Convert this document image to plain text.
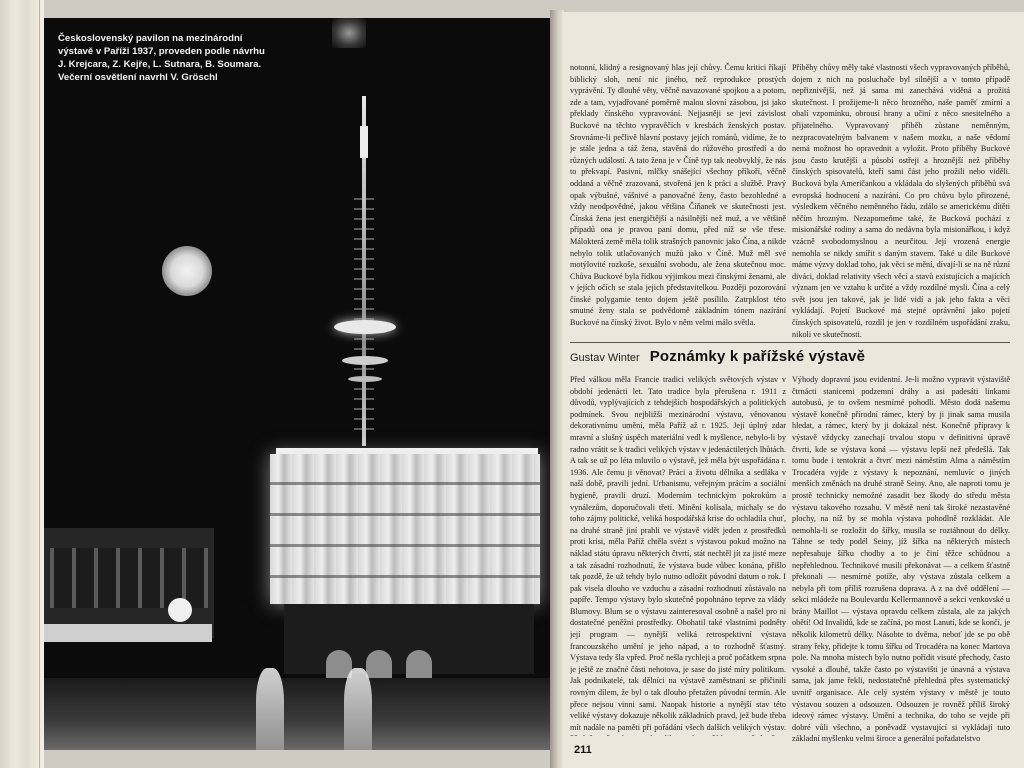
Československý pavilon na mezinárodní výstavě v Paříži 1937, proveden podle návrhu J. Krejcara, Z. Kejře, L. Sutnara, B. Soumara. Večerní osvětlení navrhl V. Gröschl

notonní, klidný a resignovaný hlas její chůvy. Čemu kritici říkají biblický sloh, není nic jiného, než reprodukce prostých vyprávění. Ty dlouhé věty, věčně navazované spojkou a a potom, zde a tam, vyjadřované poměrně malou slovní zásobou, jsi jako překlady čínského vypravování. Nejjasněji se jeví závislost Buckové na těchto vypravěčích v kresbách ženských postav. Srovnáme-li pečlivě hlavní postavy jejích románů, vidíme, že to je stále jedna a táž žena, stavěná do růžového prostředí a do různých událostí. A tato žena je v Číně typ tak neobvyklý, že nás to překvapí. Pasivní, mlčky snášející všechny příkoří, věčně oddaná a věčně zrazovaná, stvořená jen k práci a službě. Pravý opak výbušné, vášnivé a panovačné ženy, často bezohledné a vždy neodpovědné, jakou většina Číňanek ve skutečnosti jest. Čínská žena jest energičtější a násilnější než muž, a ve většině případů ona je pravou paní domu, před níž se vše třese. Málokterá země měla tolik strašných panovnic jako Čína, a nikde nebylo tolik utlačovaných mužů jako v Číně. Muž měl své motýlovité rozkoše, sexuální svobodu, ale žena skutečnou moc. Chůva Buckové byla řídkou výjimkou mezi čínskými ženami, ale v jejích očích se stala jejich představitelkou. Později pozorování čínské polygamie tento dojem ještě posílilo. Zatrpklost této smutné ženy stala se podvědomě základním tónem nazírání Buckové na čínský život. Bylo v něm velmi málo světla.

Příběhy chůvy měly také vlastnosti všech vypravovaných příběhů, dojem z nich na posluchače byl silnější a v tomto případě nepřiznivější, než já sama mi zanechává viděná a prožitá skutečnost. I prožijeme-li něco hrozného, naše paměť zmírní a obalí vzpomínku, obrousí hrany a učiní z něco snesitelného a přijatelného. Vypravovaný příběh zůstane neměnným, nezpracovatelným balvanem v našem mozku, a naše vědomí nemá možnost ho opravednit a vyložit. Proto příběhy Buckové jsou často krutější a působí ostřeji a hroznější než příběhy čínských spisovatelů, kteří sami část jeho prožili nebo viděli. Bucková byla Američankou a vkládala do slyšených příběhů svá evropská hodnocení a nazírání. Co pro chůvu bylo přirozené, výsledkem věčného neměnného řádu, zdálo se americkému dítěti něčím hrozným. Nezapomeňme také, že Bucková pochází z misionářské rodiny a sama do nedávna byla misionářkou, i když vzácně svobodomyslnou a neurčitou. Její vrozená energie nemohla se nikdy smířit s daným stavem. Také u díle Buckové máme výzvy doklad toho, jak věci se mění, dívají-li se na ně různí diváci, doklad relativity všech věcí a stavů existujících a majících význam jen ve vztahu k určité a vždy rozdílné mysli. Čína a celý svět jsou jen takové, jak je lidé vidí a jak jeho fakta a věci vykládají. Pojetí Buckové má stejné oprávnění jako pojetí čínských spisovatelů, rozdíl je jen v rozdílném uspořádání zraku, nikoli ve skutečnosti.

Gustav Winter Poznámky k pařížské výstavě

Před válkou měla Francie tradici velikých světových výstav v období jedenácti let. Tato tradice byla přerušena r. 1911 z důvodů, vyplývajících z tehdejších hospodářských a politických podmínek. Svou nejbližší mezinárodní výstavu, věnovanou dekorativnímu umění, měla Paříž až r. 1925. Její úplný zdar mravní a slušný úspěch materiální vedl k myšlence, nebylo-li by radno vrátit se k tradici velikých výstav v jedenáctiletých lhůtách. A tak se už po léta mluvilo o výstavě, jež měla být uspořádána r. 1936. Ale čemu ji věnovat? Práci a životu dělníka a sedláka v naší době, pravili jední. Urbanismu, veřejným prácím a sociální hygieně, pravili druzí. Moderním technickým pokrokům a vynálezům, doporučovali třetí. Mínění kolísala, míchaly se do toho zájmy politické, veliká hospodářská krise do ochladila chuť, na druhé straně jiní prahli ve výstavě vidět jeden z prostředků proti krisi, měla Paříž chtěla svézt s výstavou pokud možno na náklad státu úpravu některých čtvrtí, stát nechtěl jít za jisté meze a tak zásadní rozhodnutí, že výstava bude vůbec konána, přišlo tak pozdě, že už tehdy bylo nutno odložit původní datum o rok. I pak visela dlouho ve vzduchu a zásadní rozhodnutí zůstávalo na papíře. Tempo výstavy bylo skutečně popohnáno teprve za vlády Blumovy. Blum se o výstavu zainteresoval osobně a našel pro ni dostatečné peněžní prostředky. Obohatil také vlastními podněty její program — nynější veliká retrospektivní výstava francouzského umění je jeho nápad, a to rozhodně šťastný. Výstava tedy šla vpřed. Proč nešla rychleji a proč počátkem srpna je ještě ze značné části nehotova, je sase do jisté míry politikum. Jak podnikatelé, tak dělníci na výstavě zaměstnaní se přičinili rovným dílem, že byl o tak dlouho přetažen původní termín. Ale přece nejsou vinni sami. Naopak historie a nynější stav této veliké výstavy dokazuje několik základních pravd, jež bude třeba mít nadále na paměti při pořádání všech dalších velikých výstav.

Výhody dopravní jsou evidentní. Je-li možno vypravit výstaviště čtrnácti stanicemi podzemní dráhy a asi padesáti linkami autobusů, je to ovšem nesmírné pohodlí. Město dodá našemu výstavě konečně přírodní rámec, který by ji jinak sama musila hledat, a rámec, který by ji dokázal nést. Konečně přípravy k výstavě vždycky zanechají trvalou stopu v definitivní úpravě čtvrti, kde se výstava koná — výstavu lepší než předešlá. Tak tomu bude i tentokrát a čtvrť mezi náměstím Alma a náměstím Trocadéra vyjde z výstavy k nepoznání, nemluvíc o jiných menších změnách na druhé straně Seiny. Ano, ale naproti tomu je prostě technicky nemožné zasadit bez škody do středu města výstavu takového rozsahu. V městě není tak široké nezastavěné plochy, na níž by se mohla výstava pohodlně rozkládat. Ale nemohla-li se rozložit do šířky, musila se roztáhnout do délky. Táhne se tedy podél Seiny, jíž šířka na některých místech nepřesahuje šířku chodby a to je činí těžce schůdnou a nepřehlednou. Technikové musili překonávat — a celkem šťastně překonali — nesmírné potíže, aby výstava zůstala celkem a nebyla při tom příliš rozrušena doprava. A z na dvě oddělení — sekci mládeže na Boulevardu Kellermannově a sekci venkovské u brány Maillot — výstava opravdu celkem zůstala, ale za jakých obětí! Od Invalidů, kde se začíná, po most Lanutí, kde se končí, je několik kilometrů délky. Násobte to dvěma, neboť jde se po obě strany řeky, přidejte k tomu šířku od Trocadéra na konec Martova pole. Na mnoha místech bylo nutno pořídit visuté přechody, často vysoké a dlouhé, takže často po výstavišti je únavná a výstava sama, jak jame řekli, nedostatečně přehledná přes systematický uvnitř organisace. Ale celý systém výstavy v městě je touto výstavou souzen a odsouzen. Odsouzen je rovněž příliš široký ideový rámec výstavy. Umění a technika, do toho se vejde při dobré vůli všechno, a poněvadž vystavující si vykládají tuto základní myšlenku velmi široce a generální pořadatelstvo

211
